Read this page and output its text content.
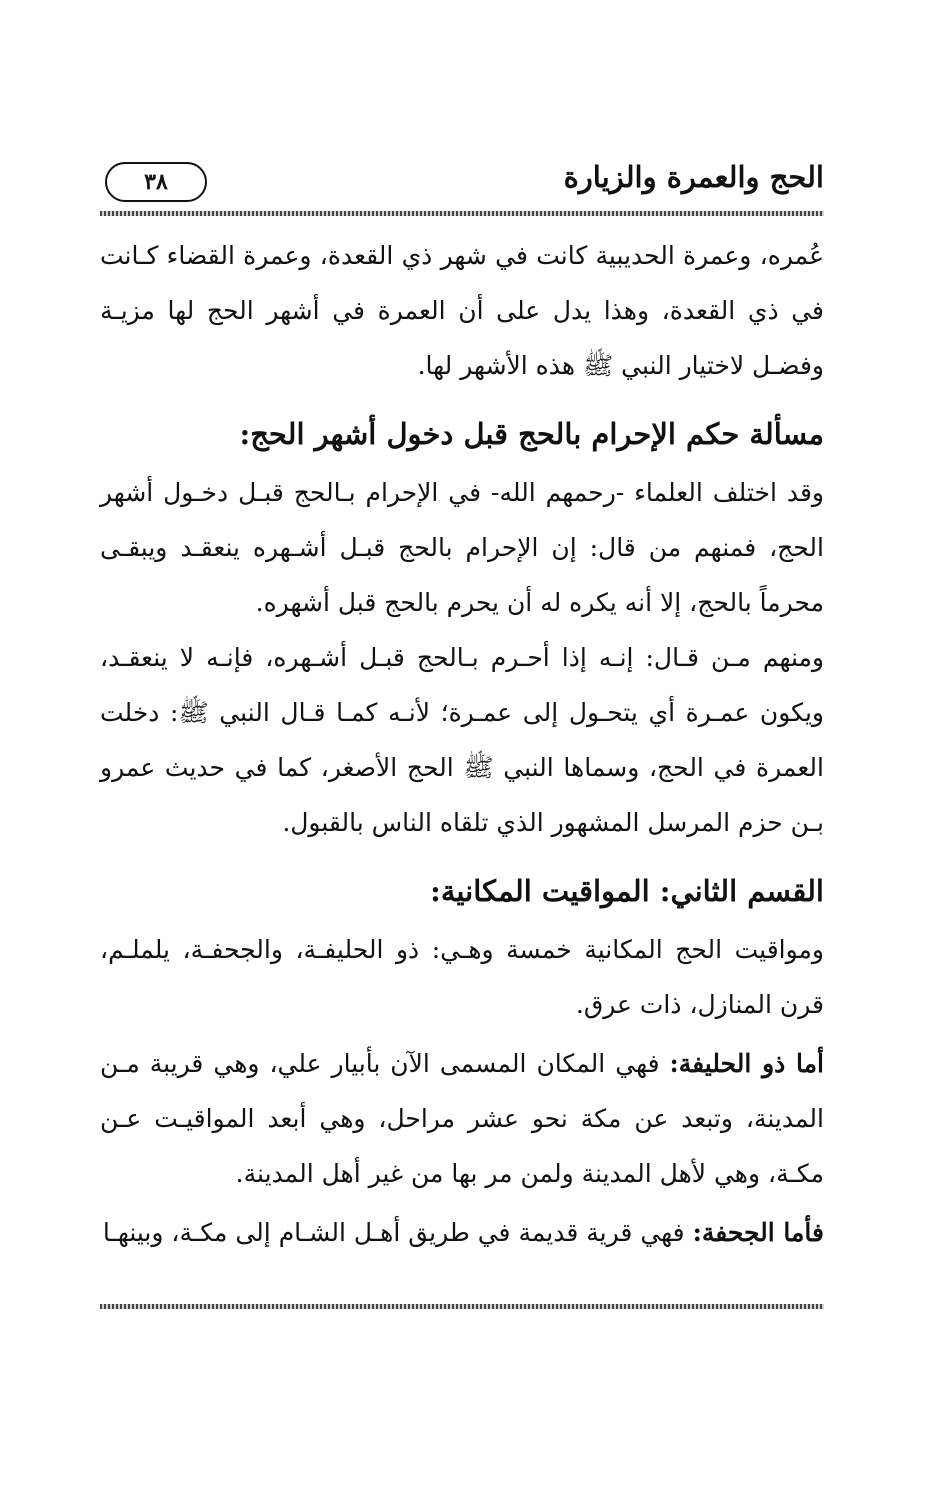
الحج والعمرة والزيارة
٣٨

عُمره، وعمرة الحديبية كانت في شهر ذي القعدة، وعمرة القضاء كـانت في ذي القعدة، وهذا يدل على أن العمرة في أشهر الحج لها مزيـة وفضـل لاختيار النبي ﷺ هذه الأشهر لها.

مسألة حكم الإحرام بالحج قبل دخول أشهر الحج:

وقد اختلف العلماء -رحمهم الله- في الإحرام بـالحج قبـل دخـول أشهر الحج، فمنهم من قال: إن الإحرام بالحج قبـل أشـهره ينعقـد ويبقـى محرماً بالحج، إلا أنه يكره له أن يحرم بالحج قبل أشهره.

ومنهم مـن قـال: إنـه إذا أحـرم بـالحج قبـل أشـهره، فإنـه لا ينعقـد، ويكون عمـرة أي يتحـول إلى عمـرة؛ لأنـه كمـا قـال النبي ﷺ: دخلت العمرة في الحج، وسماها النبي ﷺ الحج الأصغر، كما في حديث عمرو بـن حزم المرسل المشهور الذي تلقاه الناس بالقبول.

القسم الثاني: المواقيت المكانية:

ومواقيت الحج المكانية خمسة وهـي: ذو الحليفـة، والجحفـة، يلملـم، قرن المنازل، ذات عرق.

أما ذو الحليفة: فهي المكان المسمى الآن بأبيار علي، وهي قريبة مـن المدينة، وتبعد عن مكة نحو عشر مراحل، وهي أبعد المواقيـت عـن مكـة، وهي لأهل المدينة ولمن مر بها من غير أهل المدينة.

فأما الجحفة: فهي قرية قديمة في طريق أهـل الشـام إلى مكـة، وبينهـا
